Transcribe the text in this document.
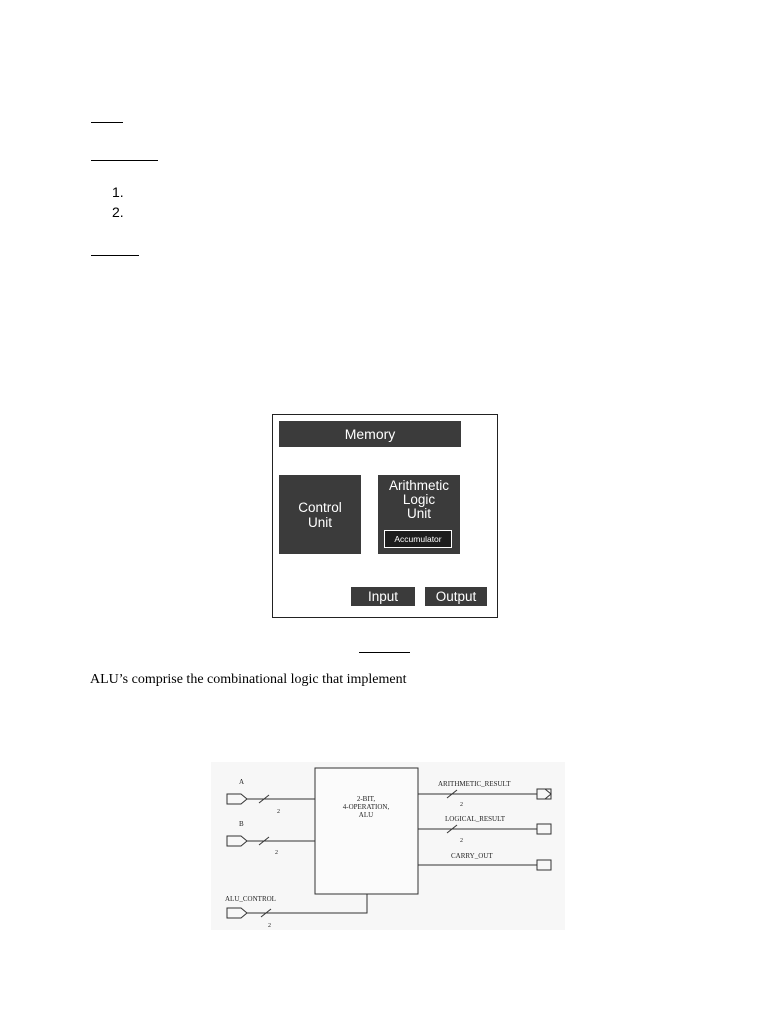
1.
2.
Memory
Control
Unit
Arithmetic
Logic
Unit
Accumulator
Input	Output
ALU’s comprise the combinational logic that implement
A
2
B
2
ALU_CONTROL
2
2-BIT,
4-OPERATION,
ALU
ARITHMETIC_RESULT
2
LOGICAL_RESULT
2
CARRY_OUT
